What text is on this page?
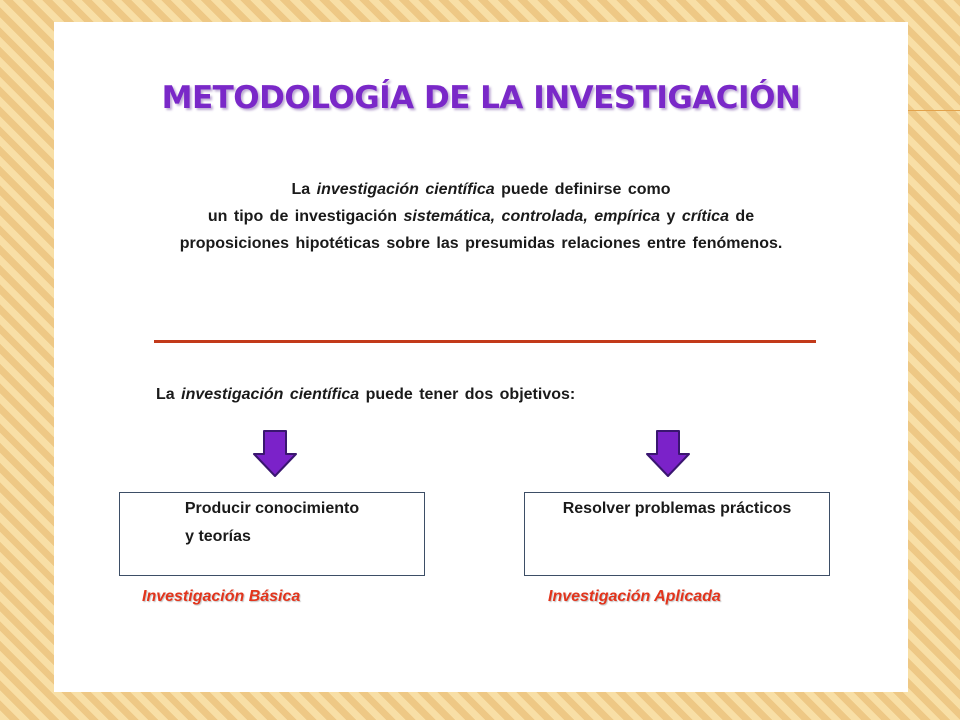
METODOLOGÍA DE LA INVESTIGACIÓN
La investigación científica puede definirse como
un tipo de investigación sistemática, controlada, empírica y crítica de
proposiciones hipotéticas sobre las presumidas relaciones entre fenómenos.
La investigación científica puede tener dos objetivos:
Producir conocimiento
y teorías
Resolver problemas prácticos
Investigación Básica	Investigación Aplicada
